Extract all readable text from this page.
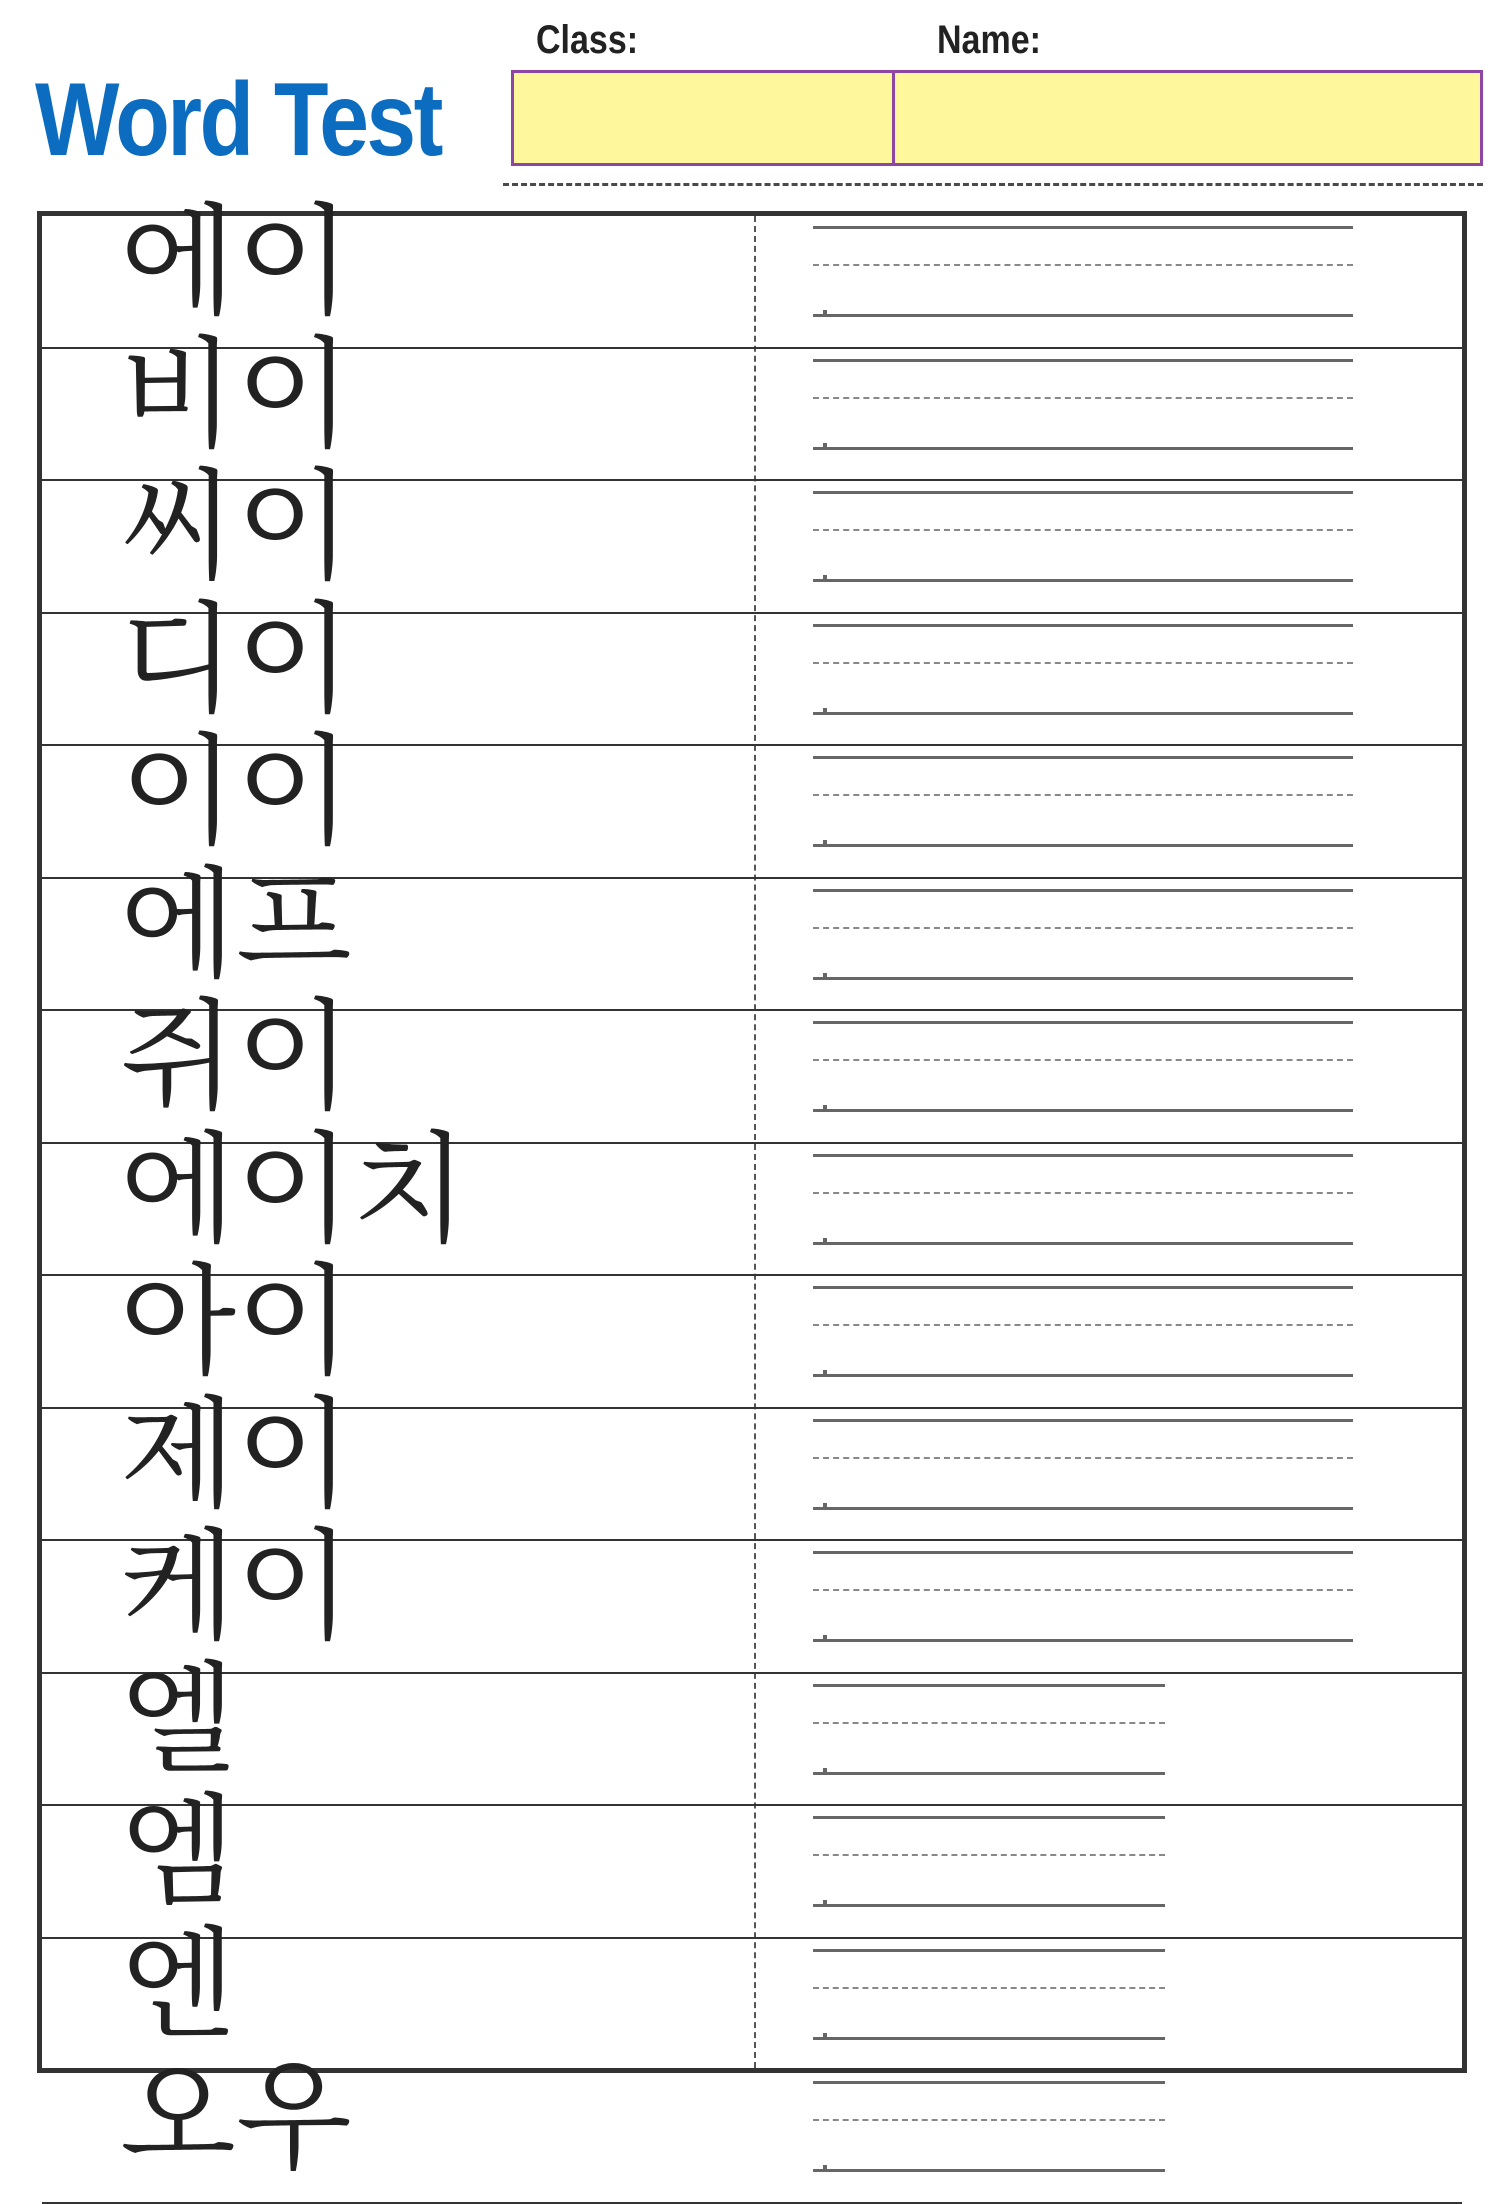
Word Test
Class:	Name:
에이
비이
씨이
디이
이이
에프
쥐이
에이치
아이
제이
케이
엘
엠
엔
오우
